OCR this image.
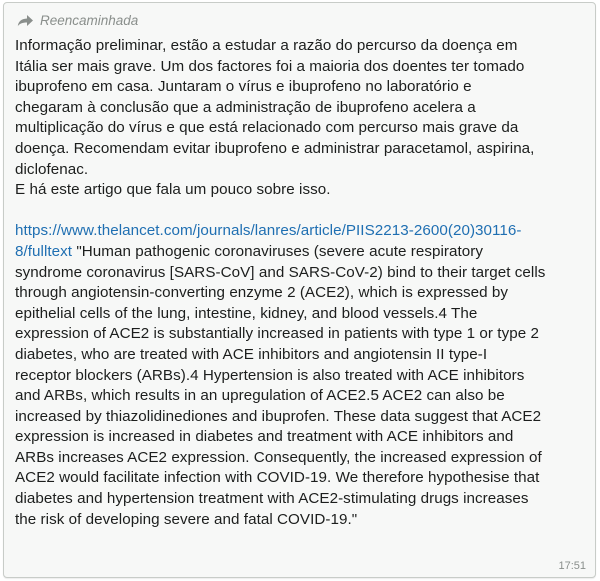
Reencaminhada
Informação preliminar, estão a estudar a razão do percurso da doença em
Itália ser mais grave. Um dos factores foi a maioria dos doentes ter tomado
ibuprofeno em casa. Juntaram o vírus e ibuprofeno no laboratório e
chegaram à conclusão que a administração de ibuprofeno acelera a
multiplicação do vírus e que está relacionado com percurso mais grave da
doença. Recomendam evitar ibuprofeno e administrar paracetamol, aspirina,
diclofenac.
E há este artigo que fala um pouco sobre isso.
https://www.thelancet.com/journals/lanres/article/PIIS2213-2600(20)30116-
8/fulltext "Human pathogenic coronaviruses (severe acute respiratory
syndrome coronavirus [SARS-CoV] and SARS-CoV-2) bind to their target cells
through angiotensin-converting enzyme 2 (ACE2), which is expressed by
epithelial cells of the lung, intestine, kidney, and blood vessels.4 The
expression of ACE2 is substantially increased in patients with type 1 or type 2
diabetes, who are treated with ACE inhibitors and angiotensin II type-I
receptor blockers (ARBs).4 Hypertension is also treated with ACE inhibitors
and ARBs, which results in an upregulation of ACE2.5 ACE2 can also be
increased by thiazolidinediones and ibuprofen. These data suggest that ACE2
expression is increased in diabetes and treatment with ACE inhibitors and
ARBs increases ACE2 expression. Consequently, the increased expression of
ACE2 would facilitate infection with COVID-19. We therefore hypothesise that
diabetes and hypertension treatment with ACE2-stimulating drugs increases
the risk of developing severe and fatal COVID-19."
17:51
